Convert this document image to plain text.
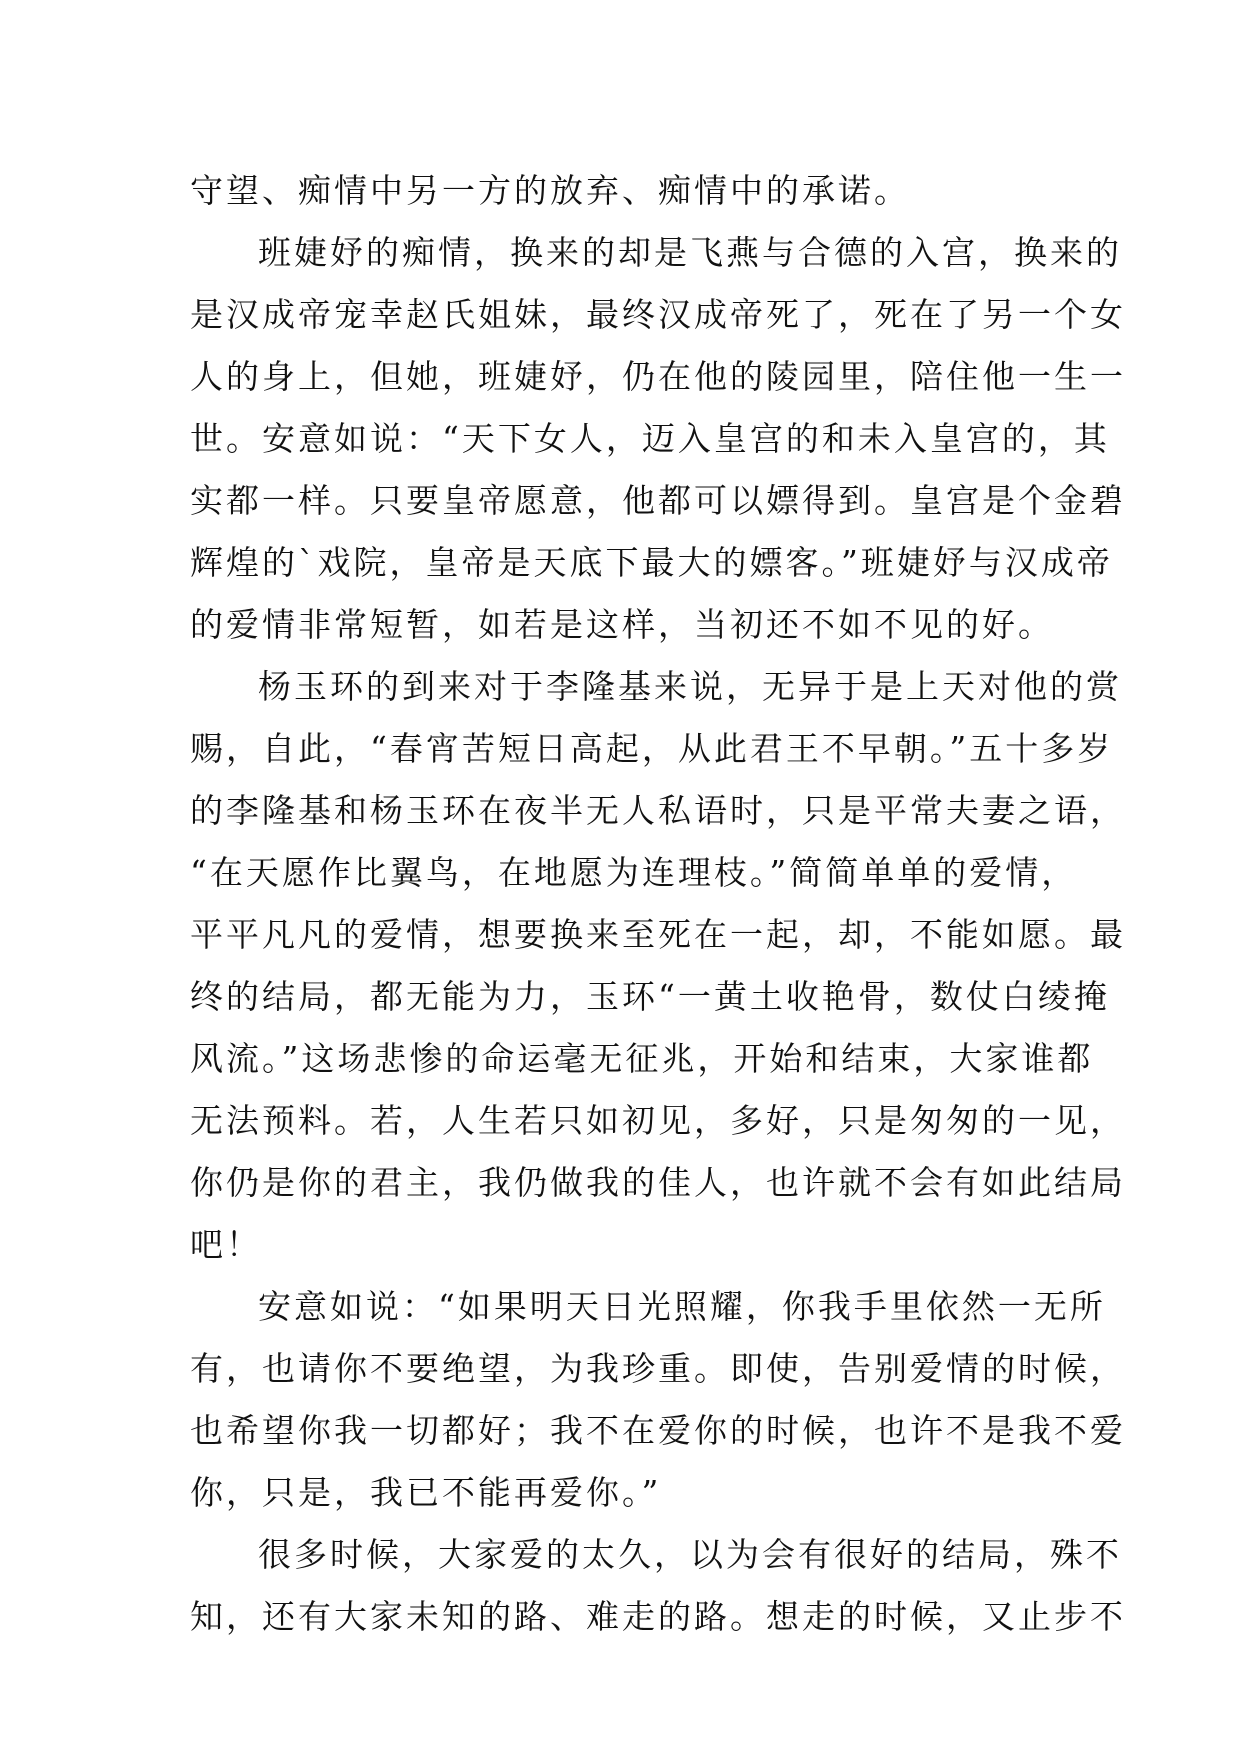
守望、痴情中另一方的放弃、痴情中的承诺。
班婕妤的痴情，换来的却是飞燕与合德的入宫，换来的
是汉成帝宠幸赵氏姐妹，最终汉成帝死了，死在了另一个女
人的身上，但她，班婕妤，仍在他的陵园里，陪住他一生一
世。安意如说：“天下女人，迈入皇宫的和未入皇宫的，其
实都一样。只要皇帝愿意，他都可以嫖得到。皇宫是个金碧
辉煌的`戏院，皇帝是天底下最大的嫖客。”班婕妤与汉成帝
的爱情非常短暂，如若是这样，当初还不如不见的好。
杨玉环的到来对于李隆基来说，无异于是上天对他的赏
赐，自此，“春宵苦短日高起，从此君王不早朝。”五十多岁
的李隆基和杨玉环在夜半无人私语时，只是平常夫妻之语，
“在天愿作比翼鸟，在地愿为连理枝。”简简单单的爱情，
平平凡凡的爱情，想要换来至死在一起，却，不能如愿。最
终的结局，都无能为力，玉环“一黄土收艳骨，数仗白绫掩
风流。”这场悲惨的命运毫无征兆，开始和结束，大家谁都
无法预料。若，人生若只如初见，多好，只是匆匆的一见，
你仍是你的君主，我仍做我的佳人，也许就不会有如此结局
吧！
安意如说：“如果明天日光照耀，你我手里依然一无所
有，也请你不要绝望，为我珍重。即使，告别爱情的时候，
也希望你我一切都好；我不在爱你的时候，也许不是我不爱
你，只是，我已不能再爱你。”
很多时候，大家爱的太久，以为会有很好的结局，殊不
知，还有大家未知的路、难走的路。想走的时候，又止步不
